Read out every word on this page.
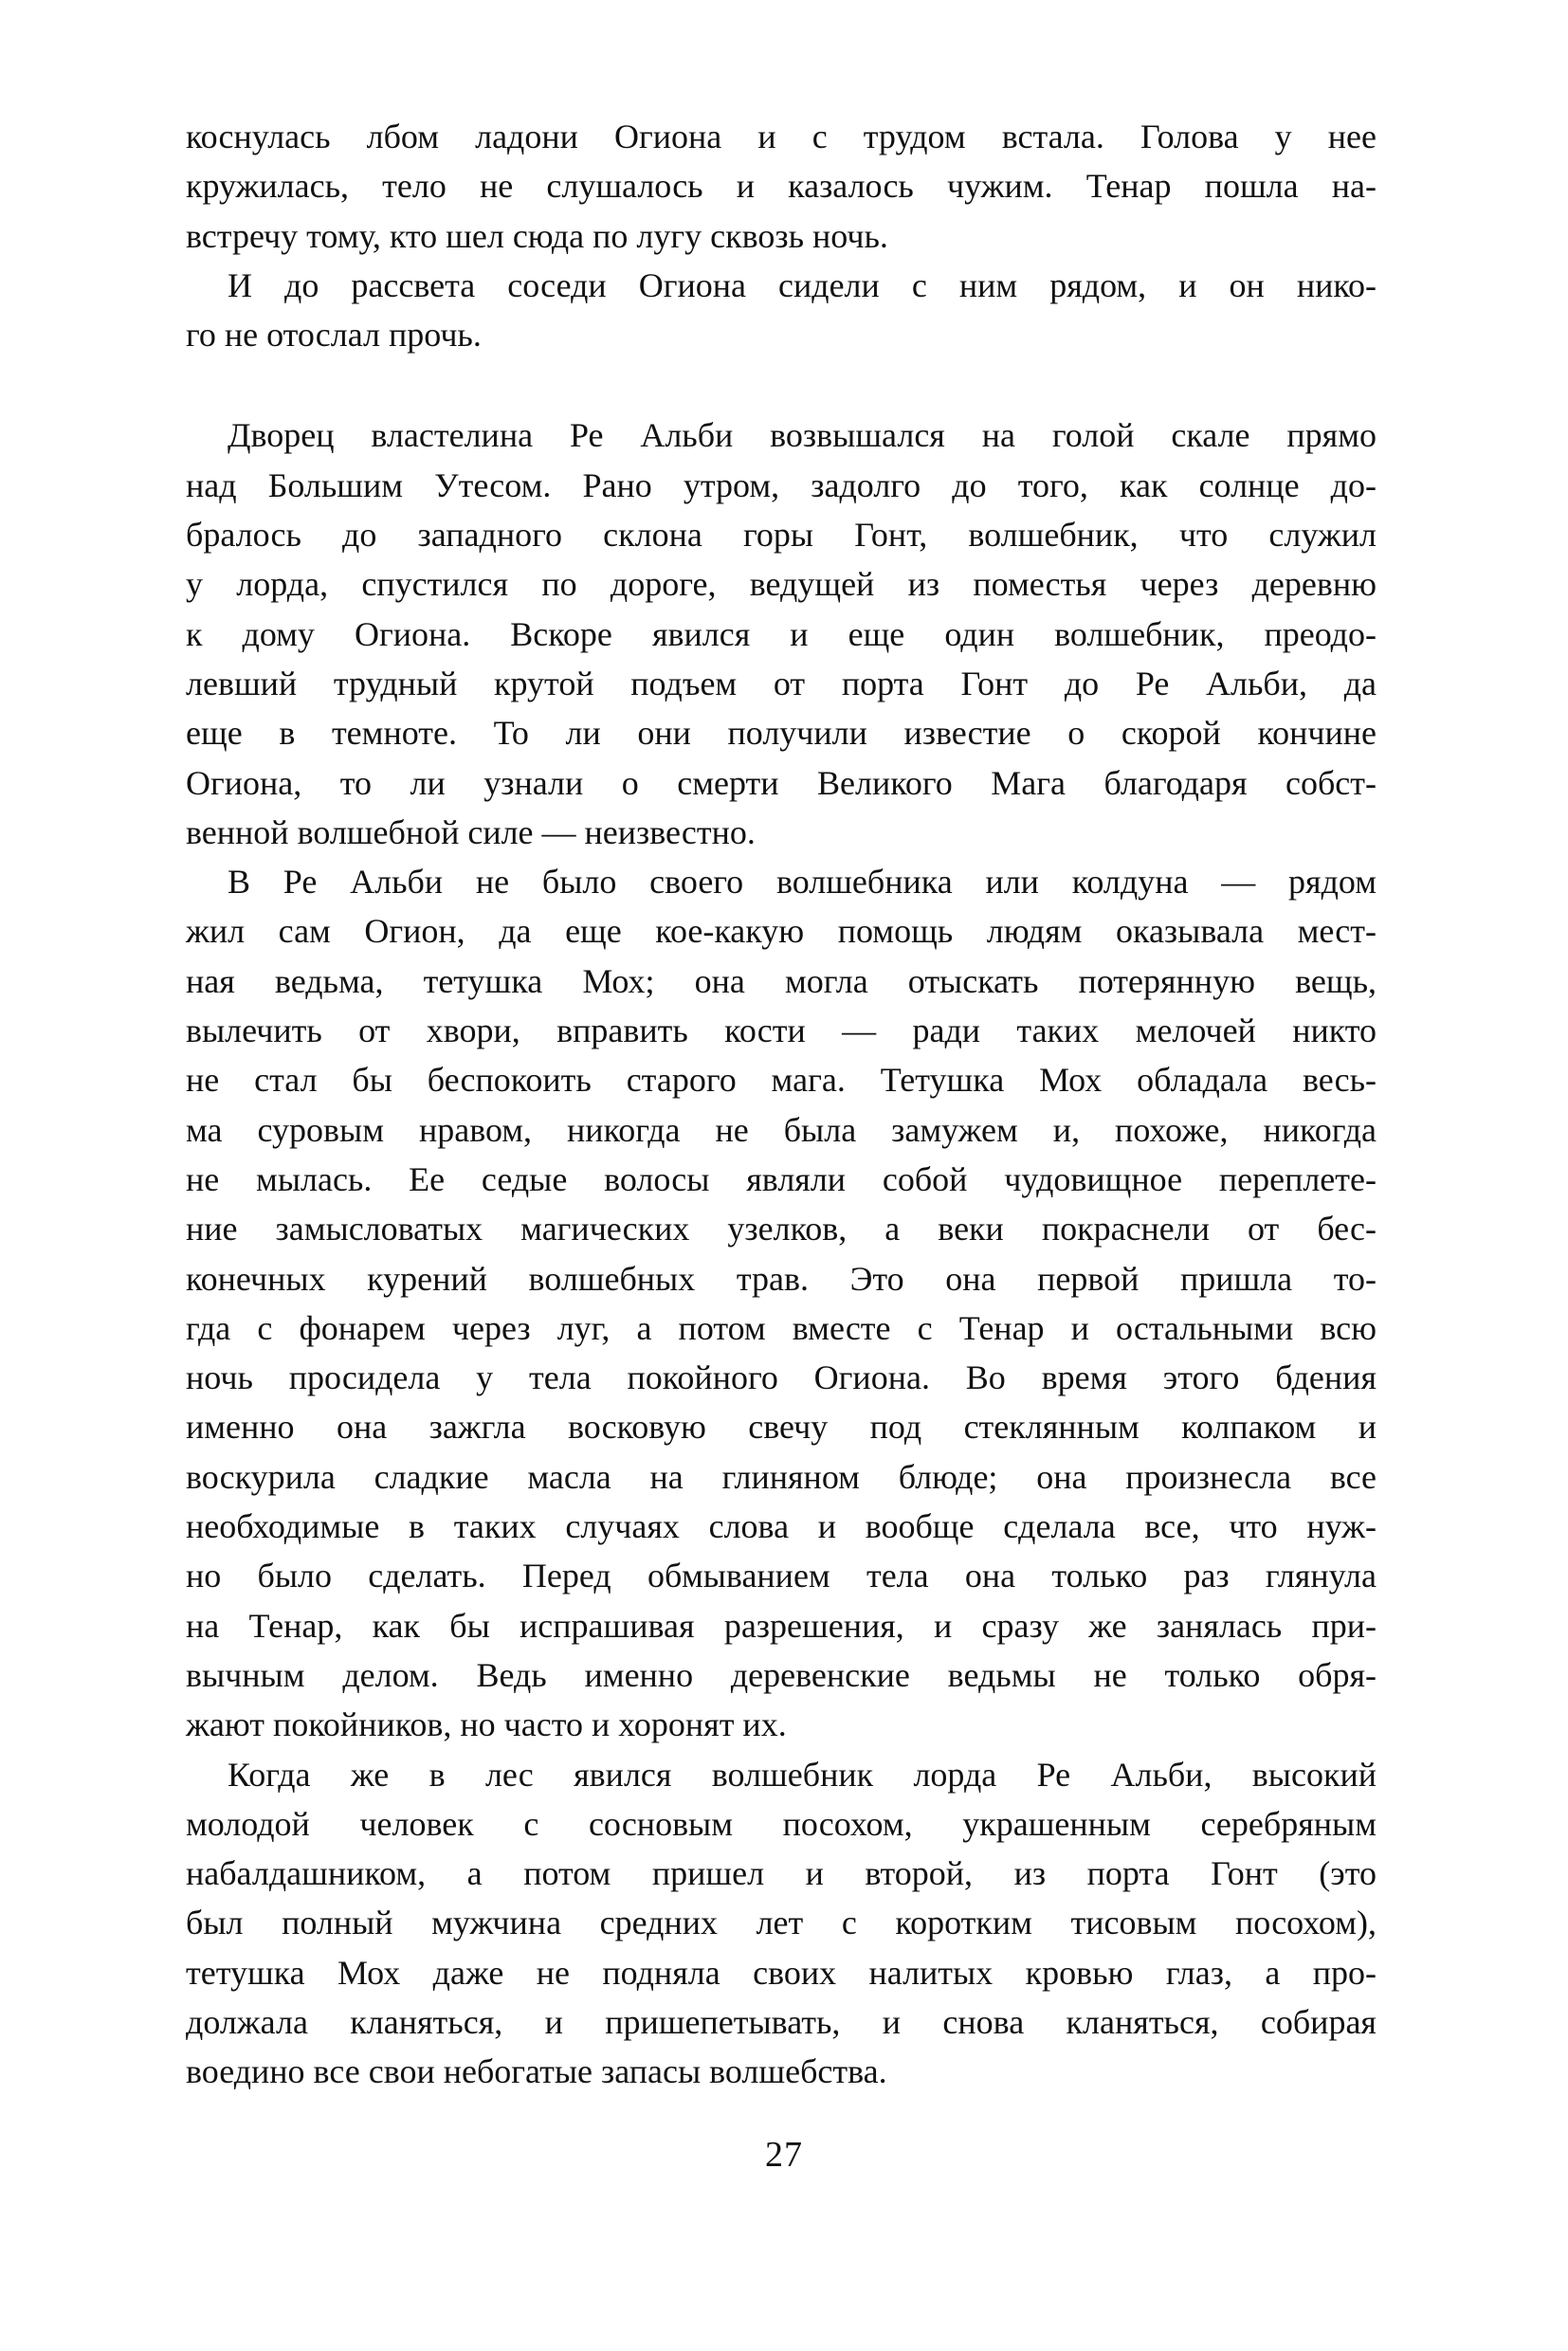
коснулась лбом ладони Огиона и с трудом встала. Голова у нее
кружилась, тело не слушалось и казалось чужим. Тенар пошла на-
встречу тому, кто шел сюда по лугу сквозь ночь.
И до рассвета соседи Огиона сидели с ним рядом, и он нико-
го не отослал прочь.
Дворец властелина Ре Альби возвышался на голой скале прямо
над Большим Утесом. Рано утром, задолго до того, как солнце до-
бралось до западного склона горы Гонт, волшебник, что служил
у лорда, спустился по дороге, ведущей из поместья через деревню
к дому Огиона. Вскоре явился и еще один волшебник, преодо-
левший трудный крутой подъем от порта Гонт до Ре Альби, да
еще в темноте. То ли они получили известие о скорой кончине
Огиона, то ли узнали о смерти Великого Мага благодаря собст-
венной волшебной силе — неизвестно.
В Ре Альби не было своего волшебника или колдуна — рядом
жил сам Огион, да еще кое-какую помощь людям оказывала мест-
ная ведьма, тетушка Мох; она могла отыскать потерянную вещь,
вылечить от хвори, вправить кости — ради таких мелочей никто
не стал бы беспокоить старого мага. Тетушка Мох обладала весь-
ма суровым нравом, никогда не была замужем и, похоже, никогда
не мылась. Ее седые волосы являли собой чудовищное переплете-
ние замысловатых магических узелков, а веки покраснели от бес-
конечных курений волшебных трав. Это она первой пришла то-
гда с фонарем через луг, а потом вместе с Тенар и остальными всю
ночь просидела у тела покойного Огиона. Во время этого бдения
именно она зажгла восковую свечу под стеклянным колпаком и
воскурила сладкие масла на глиняном блюде; она произнесла все
необходимые в таких случаях слова и вообще сделала все, что нуж-
но было сделать. Перед обмыванием тела она только раз глянула
на Тенар, как бы испрашивая разрешения, и сразу же занялась при-
вычным делом. Ведь именно деревенские ведьмы не только обря-
жают покойников, но часто и хоронят их.
Когда же в лес явился волшебник лорда Ре Альби, высокий
молодой человек с сосновым посохом, украшенным серебряным
набалдашником, а потом пришел и второй, из порта Гонт (это
был полный мужчина средних лет с коротким тисовым посохом),
тетушка Мох даже не подняла своих налитых кровью глаз, а про-
должала кланяться, и пришепетывать, и снова кланяться, собирая
воедино все свои небогатые запасы волшебства.
27
